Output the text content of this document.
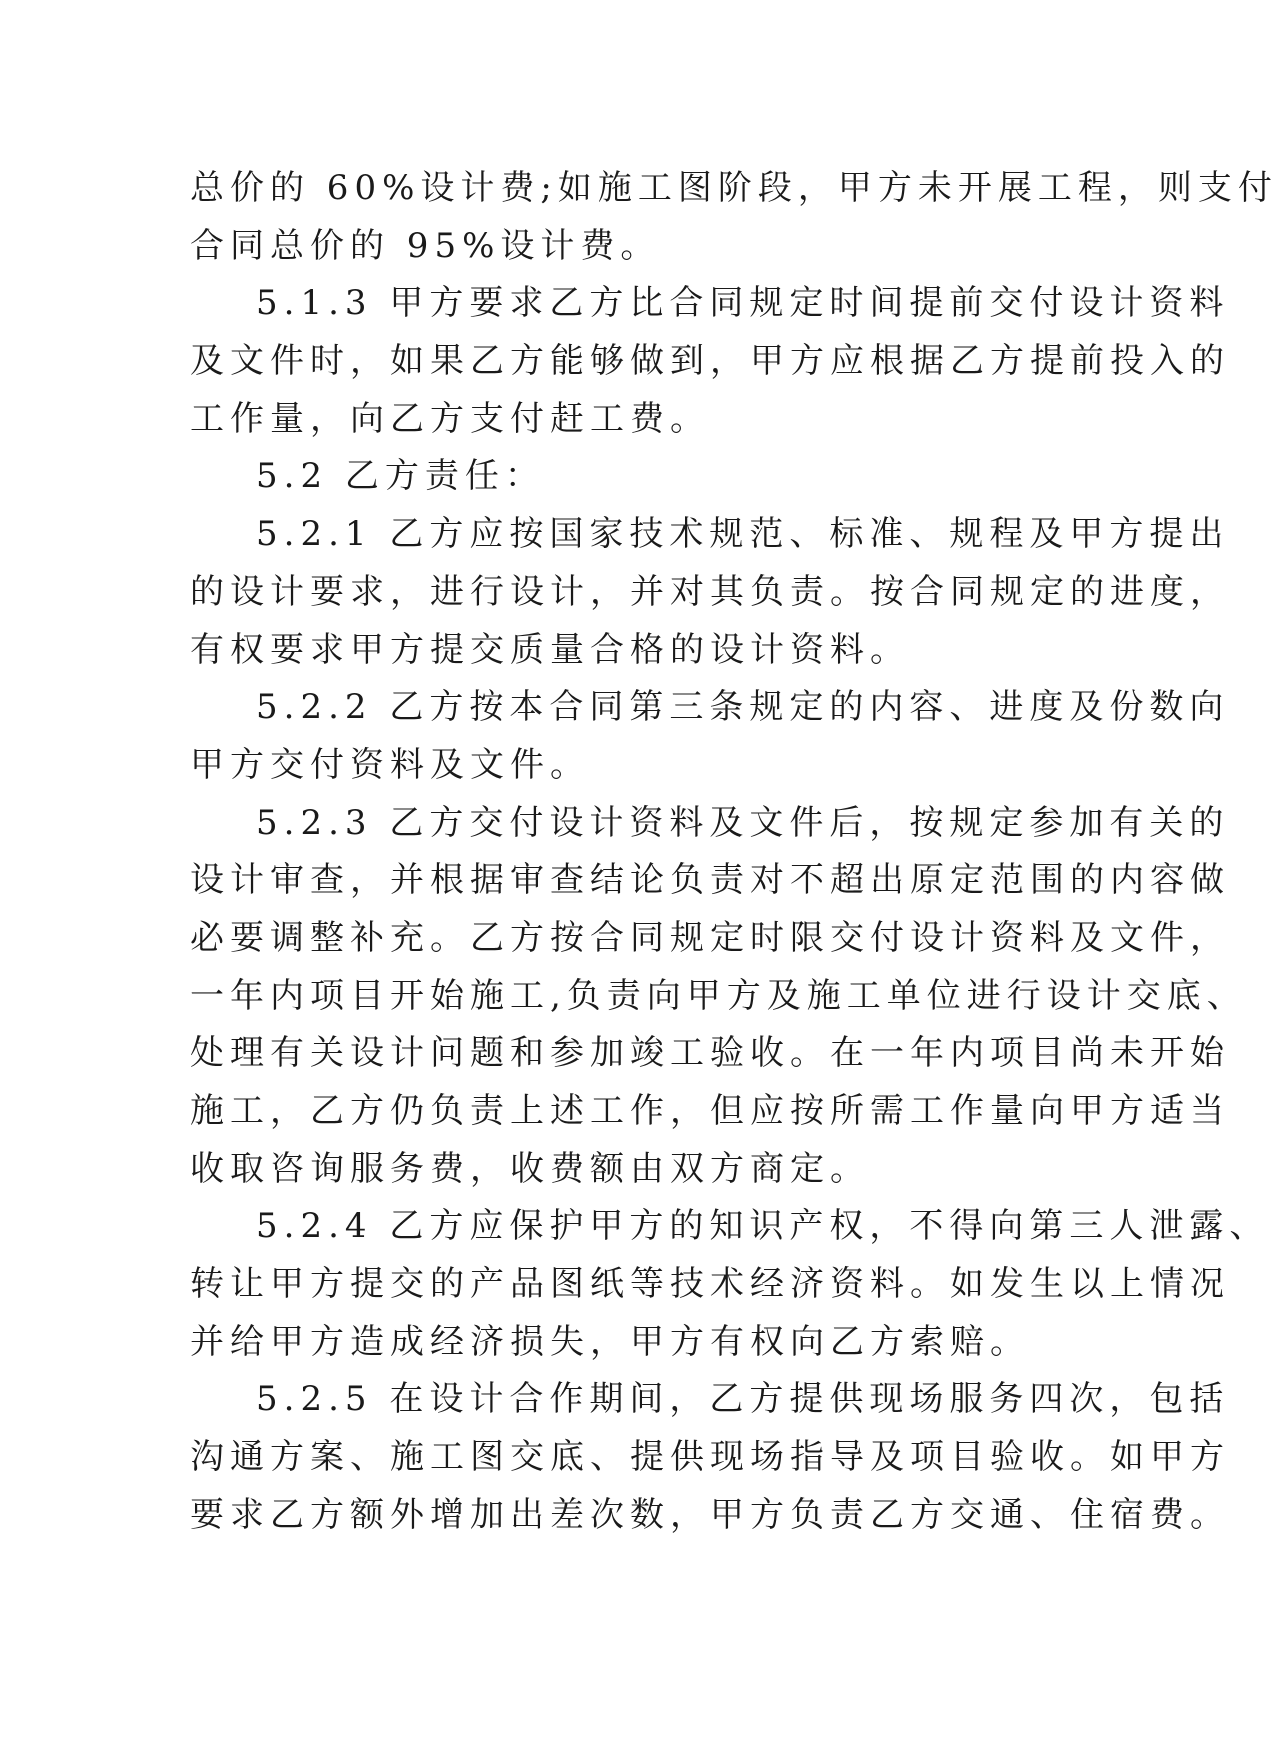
总价的 60%设计费;如施工图阶段，甲方未开展工程，则支付
合同总价的 95%设计费。
5.1.3 甲方要求乙方比合同规定时间提前交付设计资料
及文件时，如果乙方能够做到，甲方应根据乙方提前投入的
工作量，向乙方支付赶工费。
5.2 乙方责任：
5.2.1 乙方应按国家技术规范、标准、规程及甲方提出
的设计要求，进行设计，并对其负责。按合同规定的进度，
有权要求甲方提交质量合格的设计资料。
5.2.2 乙方按本合同第三条规定的内容、进度及份数向
甲方交付资料及文件。
5.2.3 乙方交付设计资料及文件后，按规定参加有关的
设计审查，并根据审查结论负责对不超出原定范围的内容做
必要调整补充。乙方按合同规定时限交付设计资料及文件，
一年内项目开始施工,负责向甲方及施工单位进行设计交底、
处理有关设计问题和参加竣工验收。在一年内项目尚未开始
施工，乙方仍负责上述工作，但应按所需工作量向甲方适当
收取咨询服务费，收费额由双方商定。
5.2.4 乙方应保护甲方的知识产权，不得向第三人泄露、
转让甲方提交的产品图纸等技术经济资料。如发生以上情况
并给甲方造成经济损失，甲方有权向乙方索赔。
5.2.5 在设计合作期间，乙方提供现场服务四次，包括
沟通方案、施工图交底、提供现场指导及项目验收。如甲方
要求乙方额外增加出差次数，甲方负责乙方交通、住宿费。
